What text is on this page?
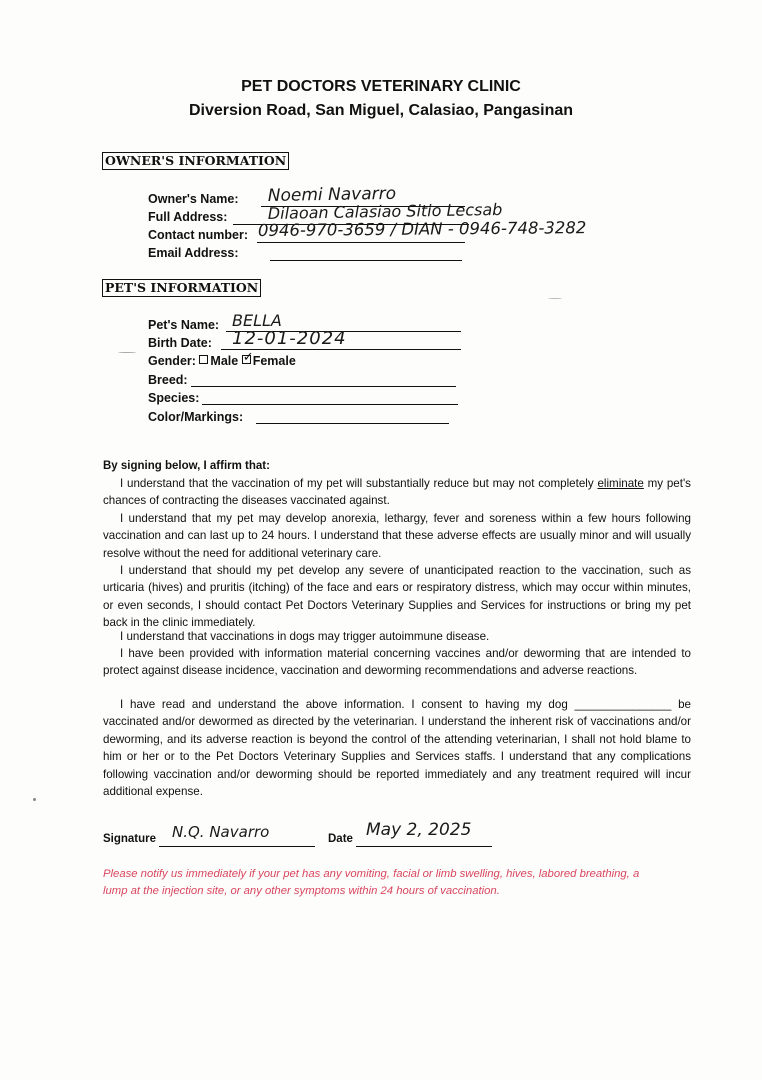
PET DOCTORS VETERINARY CLINIC
Diversion Road, San Miguel, Calasiao, Pangasinan
OWNER'S INFORMATION
Owner's Name: Noemi Navarro
Full Address:	Dilaoan Calasiao Sitio Lecsab
Contact number: 0946-970-3659 / DIAN - 0946-748-3282
Email Address:
PET'S INFORMATION
Pet's Name: BELLA
Birth Date: 12-01-2024
Gender: Male ✓ Female
Breed:
Species:
Color/Markings:
By signing below, I affirm that:
I understand that the vaccination of my pet will substantially reduce but may not completely eliminate my pet's chances of contracting the diseases vaccinated against.
I understand that my pet may develop anorexia, lethargy, fever and soreness within a few hours following vaccination and can last up to 24 hours. I understand that these adverse effects are usually minor and will usually resolve without the need for additional veterinary care.
I understand that should my pet develop any severe of unanticipated reaction to the vaccination, such as urticaria (hives) and pruritis (itching) of the face and ears or respiratory distress, which may occur within minutes, or even seconds, I should contact Pet Doctors Veterinary Supplies and Services for instructions or bring my pet back in the clinic immediately.
I understand that vaccinations in dogs may trigger autoimmune disease.
I have been provided with information material concerning vaccines and/or deworming that are intended to protect against disease incidence, vaccination and deworming recommendations and adverse reactions.
I have read and understand the above information. I consent to having my dog _______________ be vaccinated and/or dewormed as directed by the veterinarian. I understand the inherent risk of vaccinations and/or deworming, and its adverse reaction is beyond the control of the attending veterinarian, I shall not hold blame to him or her or to the Pet Doctors Veterinary Supplies and Services staffs. I understand that any complications following vaccination and/or deworming should be reported immediately and any treatment required will incur additional expense.
Signature N.Q. Navarro	Date May 2, 2025
Please notify us immediately if your pet has any vomiting, facial or limb swelling, hives, labored breathing, a lump at the injection site, or any other symptoms within 24 hours of vaccination.
